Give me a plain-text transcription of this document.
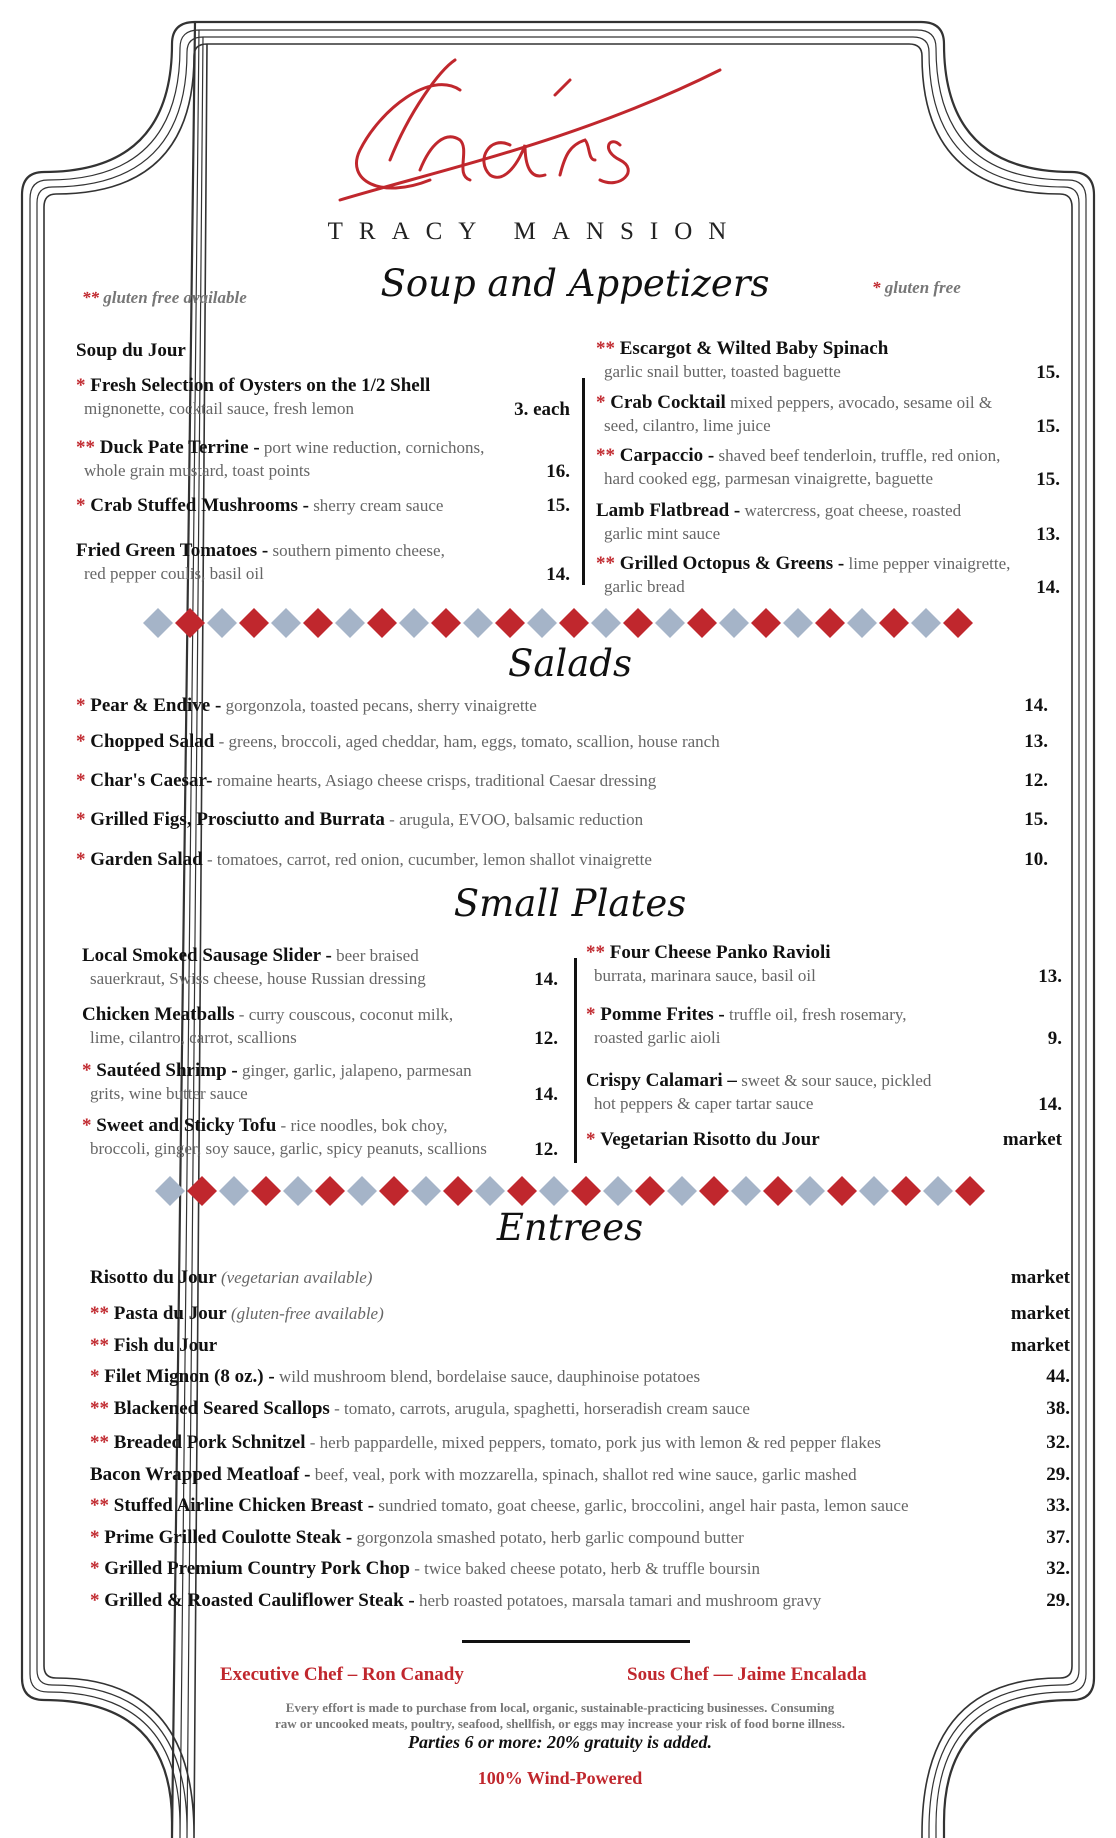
TRACY MANSION
Soup and Appetizers
** gluten free available
* gluten free
Soup du Jour
* Fresh Selection of Oysters on the 1/2 Shell
mignonette, cocktail sauce, fresh lemon	3. each
** Duck Pate Terrine - port wine reduction, cornichons,
whole grain mustard, toast points	16.
* Crab Stuffed Mushrooms - sherry cream sauce	15.
Fried Green Tomatoes - southern pimento cheese,
red pepper coulis, basil oil	14.
** Escargot & Wilted Baby Spinach
garlic snail butter, toasted baguette	15.
* Crab Cocktail mixed peppers, avocado, sesame oil &
seed, cilantro, lime juice	15.
** Carpaccio - shaved beef tenderloin, truffle, red onion,
hard cooked egg, parmesan vinaigrette, baguette	15.
Lamb Flatbread - watercress, goat cheese, roasted
garlic mint sauce	13.
** Grilled Octopus & Greens - lime pepper vinaigrette,
garlic bread	14.
Salads
* Pear & Endive - gorgonzola, toasted pecans, sherry vinaigrette	14.
* Chopped Salad - greens, broccoli, aged cheddar, ham, eggs, tomato, scallion, house ranch	13.
* Char's Caesar- romaine hearts, Asiago cheese crisps, traditional Caesar dressing	12.
* Grilled Figs, Prosciutto and Burrata - arugula, EVOO, balsamic reduction	15.
* Garden Salad - tomatoes, carrot, red onion, cucumber, lemon shallot vinaigrette	10.
Small Plates
Local Smoked Sausage Slider - beer braised
sauerkraut, Swiss cheese, house Russian dressing	14.
Chicken Meatballs - curry couscous, coconut milk,
lime, cilantro, carrot, scallions	12.
* Sautéed Shrimp - ginger, garlic, jalapeno, parmesan
grits, wine butter sauce	14.
* Sweet and Sticky Tofu - rice noodles, bok choy,
broccoli, ginger, soy sauce, garlic, spicy peanuts, scallions 12.
** Four Cheese Panko Ravioli
burrata, marinara sauce, basil oil	13.
* Pomme Frites - truffle oil, fresh rosemary,
roasted garlic aioli	9.
Crispy Calamari – sweet & sour sauce, pickled
hot peppers & caper tartar sauce	14.
* Vegetarian Risotto du Jour	market
Entrees
Risotto du Jour (vegetarian available)	market
** Pasta du Jour (gluten-free available)	market
** Fish du Jour	market
* Filet Mignon (8 oz.) - wild mushroom blend, bordelaise sauce, dauphinoise potatoes	44.
** Blackened Seared Scallops - tomato, carrots, arugula, spaghetti, horseradish cream sauce	38.
** Breaded Pork Schnitzel - herb pappardelle, mixed peppers, tomato, pork jus with lemon & red pepper flakes	32.
Bacon Wrapped Meatloaf - beef, veal, pork with mozzarella, spinach, shallot red wine sauce, garlic mashed	29.
** Stuffed Airline Chicken Breast - sundried tomato, goat cheese, garlic, broccolini, angel hair pasta, lemon sauce	33.
* Prime Grilled Coulotte Steak - gorgonzola smashed potato, herb garlic compound butter	37.
* Grilled Premium Country Pork Chop - twice baked cheese potato, herb & truffle boursin	32.
* Grilled & Roasted Cauliflower Steak - herb roasted potatoes, marsala tamari and mushroom gravy	29.
Executive Chef – Ron Canady	Sous Chef — Jaime Encalada
Every effort is made to purchase from local, organic, sustainable-practicing businesses. Consuming
raw or uncooked meats, poultry, seafood, shellfish, or eggs may increase your risk of food borne illness.
Parties 6 or more: 20% gratuity is added.
100% Wind-Powered
